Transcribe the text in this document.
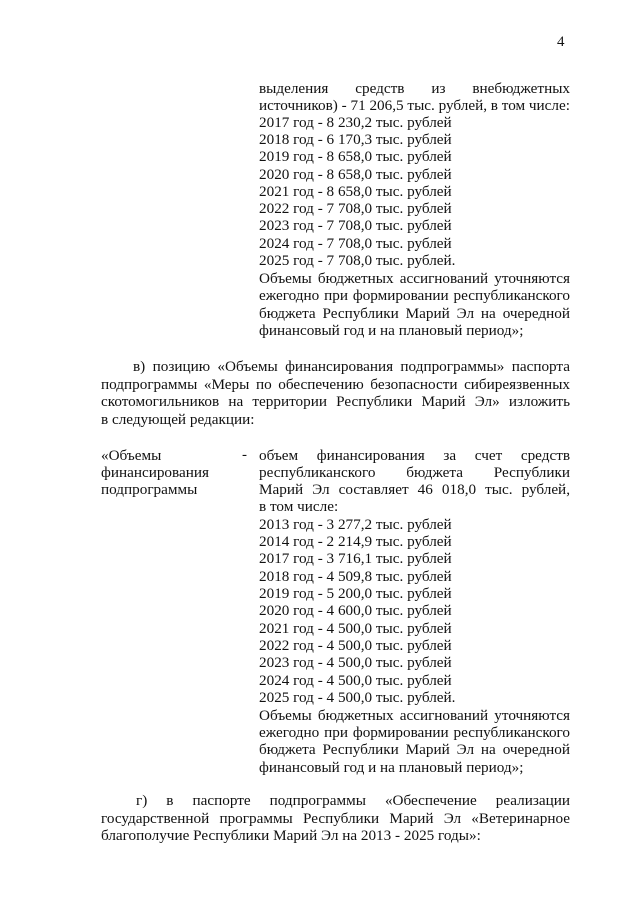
4
выделения средств из внебюджетных
источников) - 71 206,5 тыс. рублей, в том числе:
2017 год - 8 230,2 тыс. рублей
2018 год - 6 170,3 тыс. рублей
2019 год - 8 658,0 тыс. рублей
2020 год - 8 658,0 тыс. рублей
2021 год - 8 658,0 тыс. рублей
2022 год - 7 708,0 тыс. рублей
2023 год - 7 708,0 тыс. рублей
2024 год - 7 708,0 тыс. рублей
2025 год - 7 708,0 тыс. рублей.
Объемы бюджетных ассигнований уточняются
ежегодно при формировании республиканского
бюджета Республики Марий Эл на очередной
финансовый год и на плановый период»;
в) позицию «Объемы финансирования подпрограммы» паспорта
подпрограммы «Меры по обеспечению безопасности сибиреязвенных
скотомогильников на территории Республики Марий Эл» изложить
в следующей редакции:
«Объемы
финансирования
подпрограммы
- объем финансирования за счет средств
республиканского бюджета Республики
Марий Эл составляет 46 018,0 тыс. рублей,
в том числе:
2013 год - 3 277,2 тыс. рублей
2014 год - 2 214,9 тыс. рублей
2017 год - 3 716,1 тыс. рублей
2018 год - 4 509,8 тыс. рублей
2019 год - 5 200,0 тыс. рублей
2020 год - 4 600,0 тыс. рублей
2021 год - 4 500,0 тыс. рублей
2022 год - 4 500,0 тыс. рублей
2023 год - 4 500,0 тыс. рублей
2024 год - 4 500,0 тыс. рублей
2025 год - 4 500,0 тыс. рублей.
Объемы бюджетных ассигнований уточняются
ежегодно при формировании республиканского
бюджета Республики Марий Эл на очередной
финансовый год и на плановый период»;
г) в паспорте подпрограммы «Обеспечение реализации
государственной программы Республики Марий Эл «Ветеринарное
благополучие Республики Марий Эл на 2013 - 2025 годы»:
